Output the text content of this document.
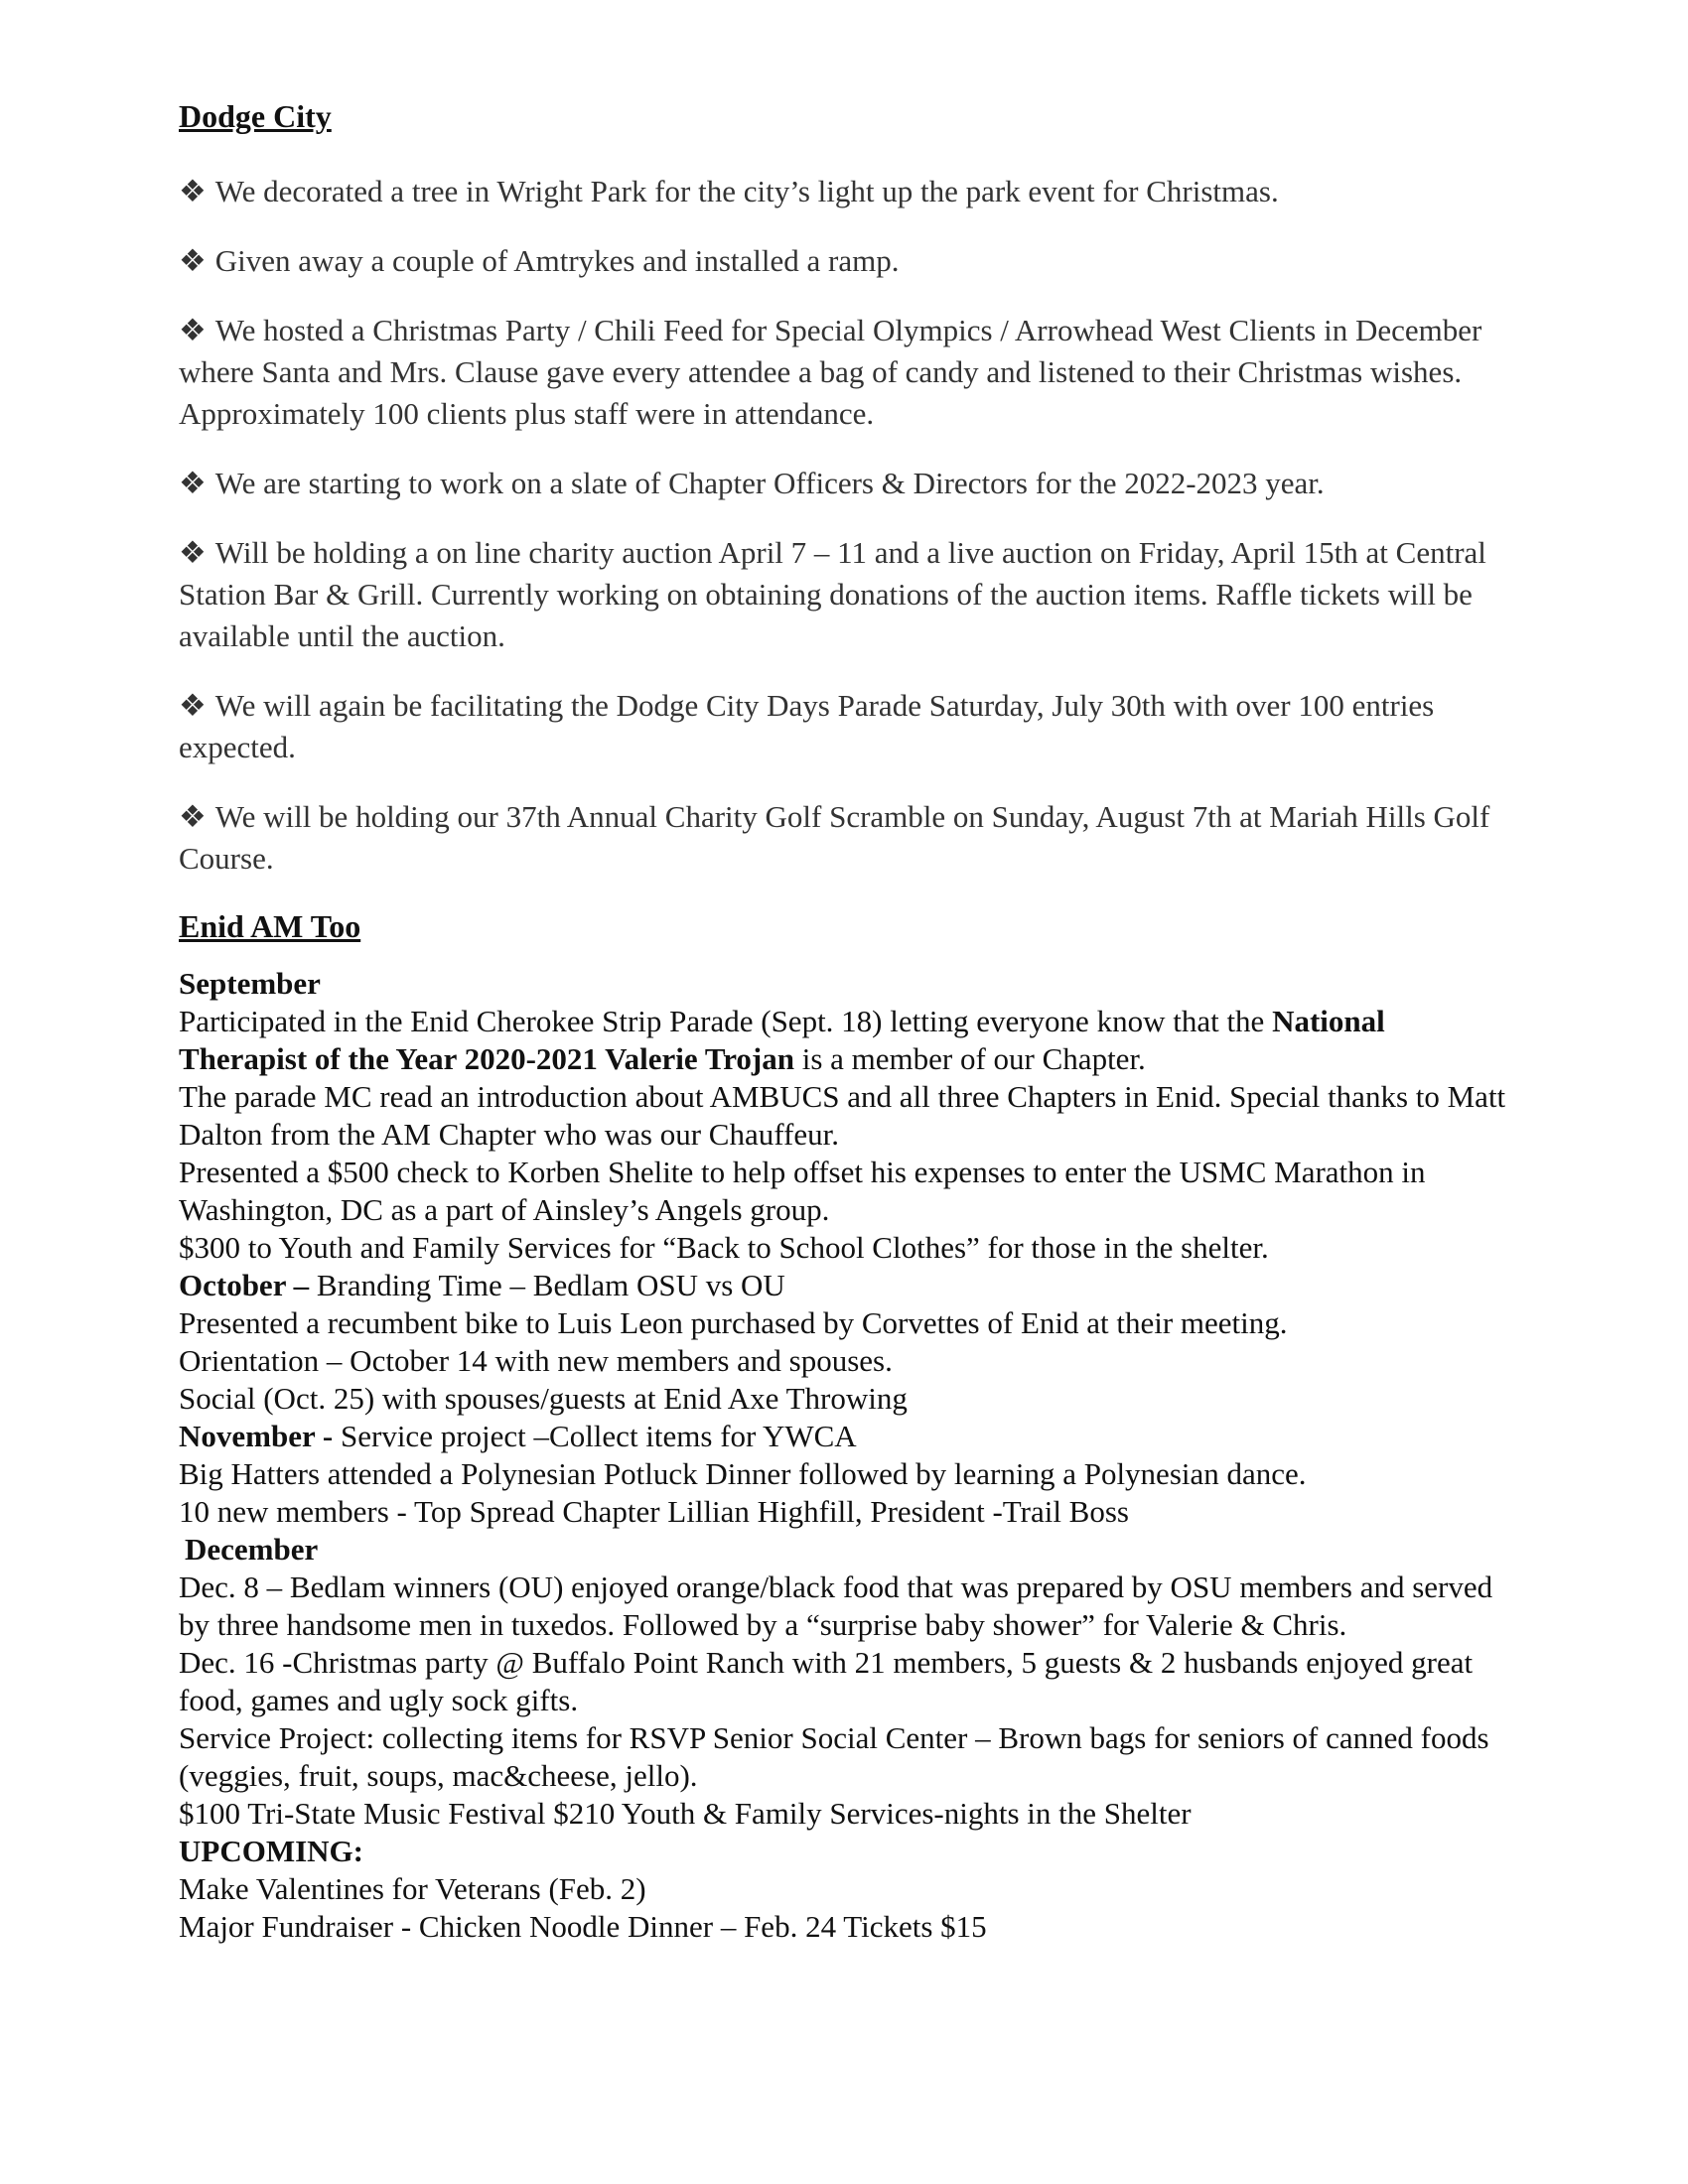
Dodge City

❖ We decorated a tree in Wright Park for the city’s light up the park event for Christmas.

❖ Given away a couple of Amtrykes and installed a ramp.

❖ We hosted a Christmas Party / Chili Feed for Special Olympics / Arrowhead West Clients in December where Santa and Mrs. Clause gave every attendee a bag of candy and listened to their Christmas wishes. Approximately 100 clients plus staff were in attendance.

❖ We are starting to work on a slate of Chapter Officers & Directors for the 2022-2023 year.

❖ Will be holding a on line charity auction April 7 – 11 and a live auction on Friday, April 15th at Central Station Bar & Grill. Currently working on obtaining donations of the auction items. Raffle tickets will be available until the auction.

❖ We will again be facilitating the Dodge City Days Parade Saturday, July 30th with over 100 entries expected.

❖ We will be holding our 37th Annual Charity Golf Scramble on Sunday, August 7th at Mariah Hills Golf Course.

Enid AM Too

September
Participated in the Enid Cherokee Strip Parade (Sept. 18) letting everyone know that the National Therapist of the Year 2020-2021 Valerie Trojan is a member of our Chapter.
The parade MC read an introduction about AMBUCS and all three Chapters in Enid. Special thanks to Matt Dalton from the AM Chapter who was our Chauffeur.
Presented a $500 check to Korben Shelite to help offset his expenses to enter the USMC Marathon in Washington, DC as a part of Ainsley’s Angels group.
$300 to Youth and Family Services for “Back to School Clothes” for those in the shelter.
October – Branding Time – Bedlam OSU vs OU
Presented a recumbent bike to Luis Leon purchased by Corvettes of Enid at their meeting.
Orientation – October 14 with new members and spouses.
Social (Oct. 25) with spouses/guests at Enid Axe Throwing
November - Service project –Collect items for YWCA
Big Hatters attended a Polynesian Potluck Dinner followed by learning a Polynesian dance.
10 new members - Top Spread Chapter Lillian Highfill, President -Trail Boss
December
Dec. 8 – Bedlam winners (OU) enjoyed orange/black food that was prepared by OSU members and served by three handsome men in tuxedos. Followed by a “surprise baby shower” for Valerie & Chris.
Dec. 16 -Christmas party @ Buffalo Point Ranch with 21 members, 5 guests & 2 husbands enjoyed great food, games and ugly sock gifts.
Service Project: collecting items for RSVP Senior Social Center – Brown bags for seniors of canned foods (veggies, fruit, soups, mac&cheese, jello).
$100 Tri-State Music Festival $210 Youth & Family Services-nights in the Shelter
UPCOMING:
Make Valentines for Veterans (Feb. 2)
Major Fundraiser - Chicken Noodle Dinner – Feb. 24 Tickets $15
